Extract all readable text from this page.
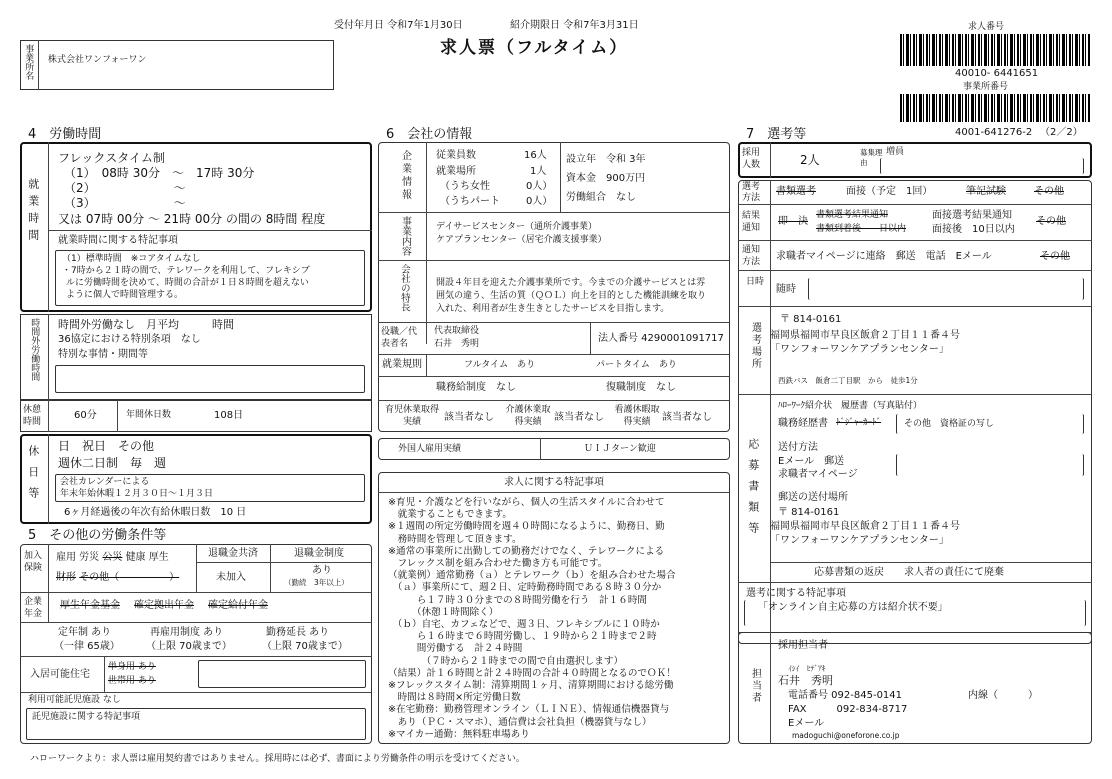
受付年月日 令和7年1月30日	紹介期限日 令和7年3月31日
求人票（フルタイム）
事業所名 株式会社ワンフォーワン
求人番号
40010- 6441651
事業所番号
4001-641276-2 （2／2）
4　労働時間
就業時間
フレックスタイム制
（1）　08時 30分　～　17時 30分
（2）　　　　　　　～
（3）　　　　　　　～
又は 07時 00分 ～ 21時 00分 の間の 8時間 程度
就業時間に関する特記事項
（1）標準時間　※コアタイムなし
・7時から２１時の間で、テレワークを利用して、フレキシブ
ルに労働時間を決めて、時間の合計が１日８時間を超えない
ように個人で時間管理する。
時間外労働時間 時間外労働なし　月平均　　　時間
36協定における特別条項　なし
特別な事情・期間等
休憩時間
60分	年間休日数	108日
休日等 日　祝日　その他
週休二日制　毎　週
会社カレンダーによる
年末年始休暇１２月３０日～１月３日
6ヶ月経過後の年次有給休暇日数　10 日
5　その他の労働条件等
加入保険
雇用 労災 公災 健康 厚生
財形 その他（　　　　　）
退職金共済
未加入
退職金制度
あり
（勤続　3年以上）
企業年金
厚生年金基金 確定拠出年金 確定給付年金
定年制 あり
（一律 65歳）
再雇用制度 あり
（上限 70歳まで）
勤務延長 あり
（上限 70歳まで）
入居可能住宅
単身用 あり
世帯用 あり
利用可能託児施設 なし
託児施設に関する特記事項
6　会社の情報
企業情報	従業員数	16人
就業場所	1人
（うち女性	0人）
（うちパート	0人）
設立年　令和 3年
資本金　900万円
労働組合　なし
事業内容	デイサービスセンター（通所介護事業）
ケアプランセンター（居宅介護支援事業）
会社の特長	開設４年目を迎えた介護事業所です。今までの介護サービスとは雰
囲気の違う、生活の質（ＱＯＬ）向上を目的とした機能訓練を取り
入れた、利用者が生き生きとしたサービスを目指します。
役職／代表者名
代表取締役
石井　秀明	法人番号 4290001091717
就業規則	フルタイム　あり	パートタイム　あり
職務給制度　なし	復職制度　なし
育児休業取得実績	該当者なし
介護休業取得実績	該当者なし
看護休暇取得実績	該当者なし
外国人雇用実績	ＵＩＪターン歓迎
求人に関する特記事項
※育児・介護などを行いながら、個人の生活スタイルに合わせて
　就業することもできます。
※１週間の所定労働時間を週４０時間になるように、勤務日、勤
　務時間を管理して頂きます。
※通常の事業所に出勤しての勤務だけでなく、テレワークによる
　フレックス制を組み合わせた働き方も可能です。
（就業例）通常勤務（ａ）とテレワーク（ｂ）を組み合わせた場合
　（ａ）事業所にて、週２日、定時勤務時間である８時３０分か
　　　ら１７時３０分までの８時間労働を行う　計１６時間
　　　（休憩１時間除く）
　（ｂ）自宅、カフェなどで、週３日、フレキシブルに１０時か
　　　ら１６時まで６時間労働し、１９時から２１時まで２時
　　　間労働する　計２４時間
　　　　（７時から２１時までの間で自由選択します）
（結果）計１６時間と計２４時間の合計４０時間となるのでＯＫ！
※フレックスタイム制：清算期間１ヶ月、清算期間における総労働
　時間は８時間×所定労働日数
※在宅勤務：勤務管理オンライン（ＬＩＮＥ）、情報通信機器貸与
　あり（ＰＣ・スマホ）、通信費は会社負担（機器貸与なし）
※マイカー通勤：無料駐車場あり
7　選考等
採用人数	2人
募集理由
増員
選考方法
書類選考	面接（予定　1回）	筆記試験	その他
結果通知
即　決
書類選考結果通知
書類到着後　　日以内
面接選考結果通知
面接後　10日以内
その他
通知方法	求職者マイページに連絡　郵送　電話　Eメール	その他
日時
随時
選考場所
〒 814-0161
福岡県福岡市早良区飯倉２丁目１１番４号
「ワンフォーワンケアプランセンター」
西鉄バス　飯倉二丁目駅　から　徒歩1分
応募書類等
ﾊﾛｰﾜｰｸ紹介状　履歴書（写真貼付）
職務経歴書 ﾄﾞｼﾞｬｰｶｰﾄﾞ	その他　資格証の写し
送付方法
Eメール　郵送
求職者マイページ
郵送の送付場所
〒 814-0161
福岡県福岡市早良区飯倉２丁目１１番４号
「ワンフォーワンケアプランセンター」
応募書類の返戻　　求人者の責任にて廃棄
選考に関する特記事項
「オンライン自主応募の方は紹介状不要」
担当者
採用担当者
ｲｼｲ　ﾋﾃﾞｱｷ
石井　秀明
電話番号 092-845-0141	内線（　　　）
FAX　　　092-834-8717
Eメール
madoguchi@oneforone.co.jp
ハローワークより：求人票は雇用契約書ではありません。採用時には必ず、書面により労働条件の明示を受けてください。
